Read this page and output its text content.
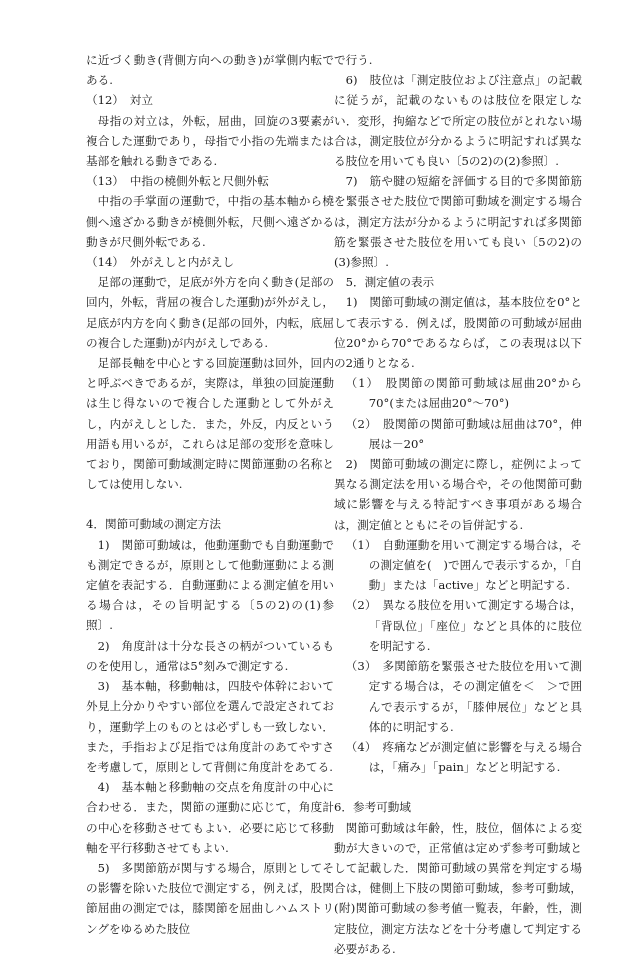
に近づく動き(背側方向への動き)が掌側内転である.

（12）　対立

母指の対立は，外転，屈曲，回旋の3要素が複合した運動であり，母指で小指の先端または基部を触れる動きである.

（13）　中指の橈側外転と尺側外転

中指の手掌面の運動で，中指の基本軸から橈側へ遠ざかる動きが橈側外転，尺側へ遠ざかる動きが尺側外転である.

（14）　外がえしと内がえし

足部の運動で，足底が外方を向く動き(足部の回内，外転，背屈の複合した運動)が外がえし，足底が内方を向く動き(足部の回外，内転，底屈の複合した運動)が内がえしである.

足部長軸を中心とする回旋運動は回外，回内と呼ぶべきであるが，実際は，単独の回旋運動は生じ得ないので複合した運動として外がえし，内がえしとした．また，外反，内反という用語も用いるが，これらは足部の変形を意味しており，関節可動域測定時に関節運動の名称としては使用しない.

4．関節可動域の測定方法

1)　関節可動域は，他動運動でも自動運動でも測定できるが，原則として他動運動による測定値を表記する．自動運動による測定値を用いる場合は，その旨明記する〔5の2)の(1)参照〕.

2)　角度計は十分な長さの柄がついているものを使用し，通常は5°刻みで測定する.

3)　基本軸，移動軸は，四肢や体幹において外見上分かりやすい部位を選んで設定されており，運動学上のものとは必ずしも一致しない．また，手指および足指では角度計のあてやすさを考慮して，原則として背側に角度計をあてる.

4)　基本軸と移動軸の交点を角度計の中心に合わせる．また，関節の運動に応じて，角度計の中心を移動させてもよい．必要に応じて移動軸を平行移動させてもよい.

5)　多関節筋が関与する場合，原則としてその影響を除いた肢位で測定する，例えば，股関節屈曲の測定では，膝関節を屈曲しハムストリングをゆるめた肢位

で行う.

6)　肢位は「測定肢位および注意点」の記載に従うが，記載のないものは肢位を限定しない．変形，拘縮などで所定の肢位がとれない場合は，測定肢位が分かるように明記すれば異なる肢位を用いても良い〔5の2)の(2)参照〕.

7)　筋や腱の短縮を評価する目的で多関節筋を緊張させた肢位で関節可動域を測定する場合は，測定方法が分かるように明記すれば多関節筋を緊張させた肢位を用いても良い〔5の2)の(3)参照〕.

5．測定値の表示

1)　関節可動域の測定値は，基本肢位を0°として表示する．例えば，股関節の可動域が屈曲位20°から70°であるならば，この表現は以下の2通りとなる.

（1）　股関節の関節可動域は屈曲20°から70°(または屈曲20°～70°)

（2）　股関節の関節可動域は屈曲は70°，伸展は－20°

2)　関節可動域の測定に際し，症例によって異なる測定法を用いる場合や，その他関節可動域に影響を与える特記すべき事項がある場合は，測定値とともにその旨併記する.

（1）　自動運動を用いて測定する場合は，その測定値を(　)で囲んで表示するか，「自動」または「active」などと明記する.

（2）　異なる肢位を用いて測定する場合は，「背臥位」「座位」などと具体的に肢位を明記する.

（3）　多関節筋を緊張させた肢位を用いて測定する場合は，その測定値を＜　＞で囲んで表示するが，「膝伸展位」などと具体的に明記する.

（4）　疼痛などが測定値に影響を与える場合は，「痛み」「pain」などと明記する.

6．参考可動域

関節可動域は年齢，性，肢位，個体による変動が大きいので，正常値は定めず参考可動域として記載した．関節可動域の異常を判定する場合は，健側上下肢の関節可動域，参考可動域，(附)関節可動域の参考値一覧表，年齢，性，測定肢位，測定方法などを十分考慮して判定する必要がある.
